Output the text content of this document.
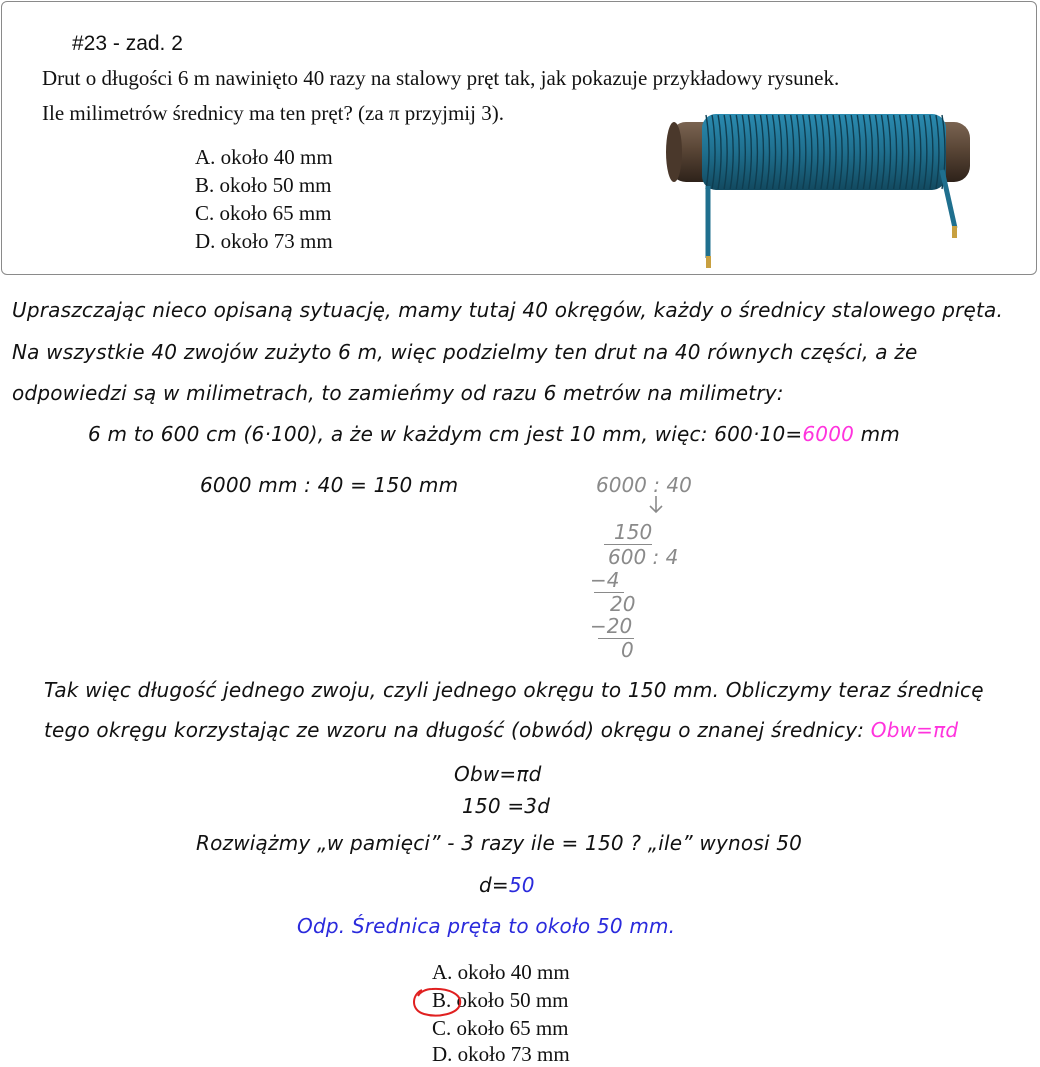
#23 - zad. 2
Drut o długości 6 m nawinięto 40 razy na stalowy pręt tak, jak pokazuje przykładowy rysunek.
Ile milimetrów średnicy ma ten pręt? (za π przyjmij 3).
A. około 40 mm
B. około 50 mm
C. około 65 mm
D. około 73 mm
Upraszczając nieco opisaną sytuację, mamy tutaj 40 okręgów, każdy o średnicy stalowego pręta.
Na wszystkie 40 zwojów zużyto 6 m, więc podzielmy ten drut na 40 równych części, a że
odpowiedzi są w milimetrach, to zamieńmy od razu 6 metrów na milimetry:
6 m to 600 cm (6·100), a że w każdym cm jest 10 mm, więc: 600·10=6000 mm
6000 mm : 40 = 150 mm	6000 : 40
150
600 : 4
−4
20
−20
0
Tak więc długość jednego zwoju, czyli jednego okręgu to 150 mm. Obliczymy teraz średnicę
tego okręgu korzystając ze wzoru na długość (obwód) okręgu o znanej średnicy: Obw=πd
Obw=πd
150 =3d
Rozwiążmy „w pamięci” - 3 razy ile = 150 ? „ile” wynosi 50
d=50
Odp. Średnica pręta to około 50 mm.
A. około 40 mm
B. około 50 mm
C. około 65 mm
D. około 73 mm
